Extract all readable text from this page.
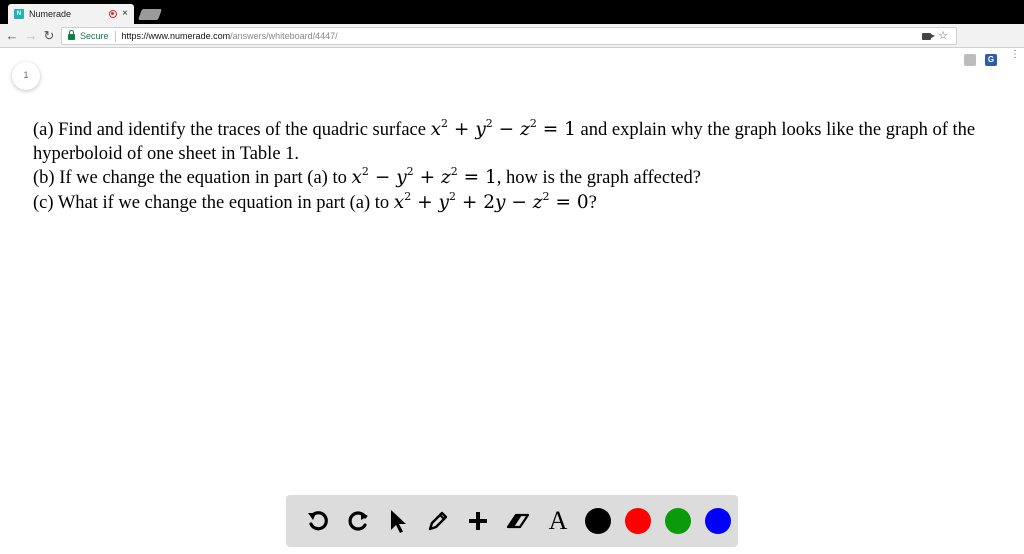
N Numerade	×
← → ↻	Secure https://www.numerade.com/answers/whiteboard/4447/	☆
G ⋮
1

(a) Find and identify the traces of the quadric surface $x^2 + y^2 - z^2 = 1$ and explain why the graph looks like the graph of the hyperboloid of one sheet in Table 1.

(b) If we change the equation in part (a) to $x^2 - y^2 + z^2 = 1$, how is the graph affected?

(c) What if we change the equation in part (a) to $x^2 + y^2 + 2y - z^2 = 0$?

A
